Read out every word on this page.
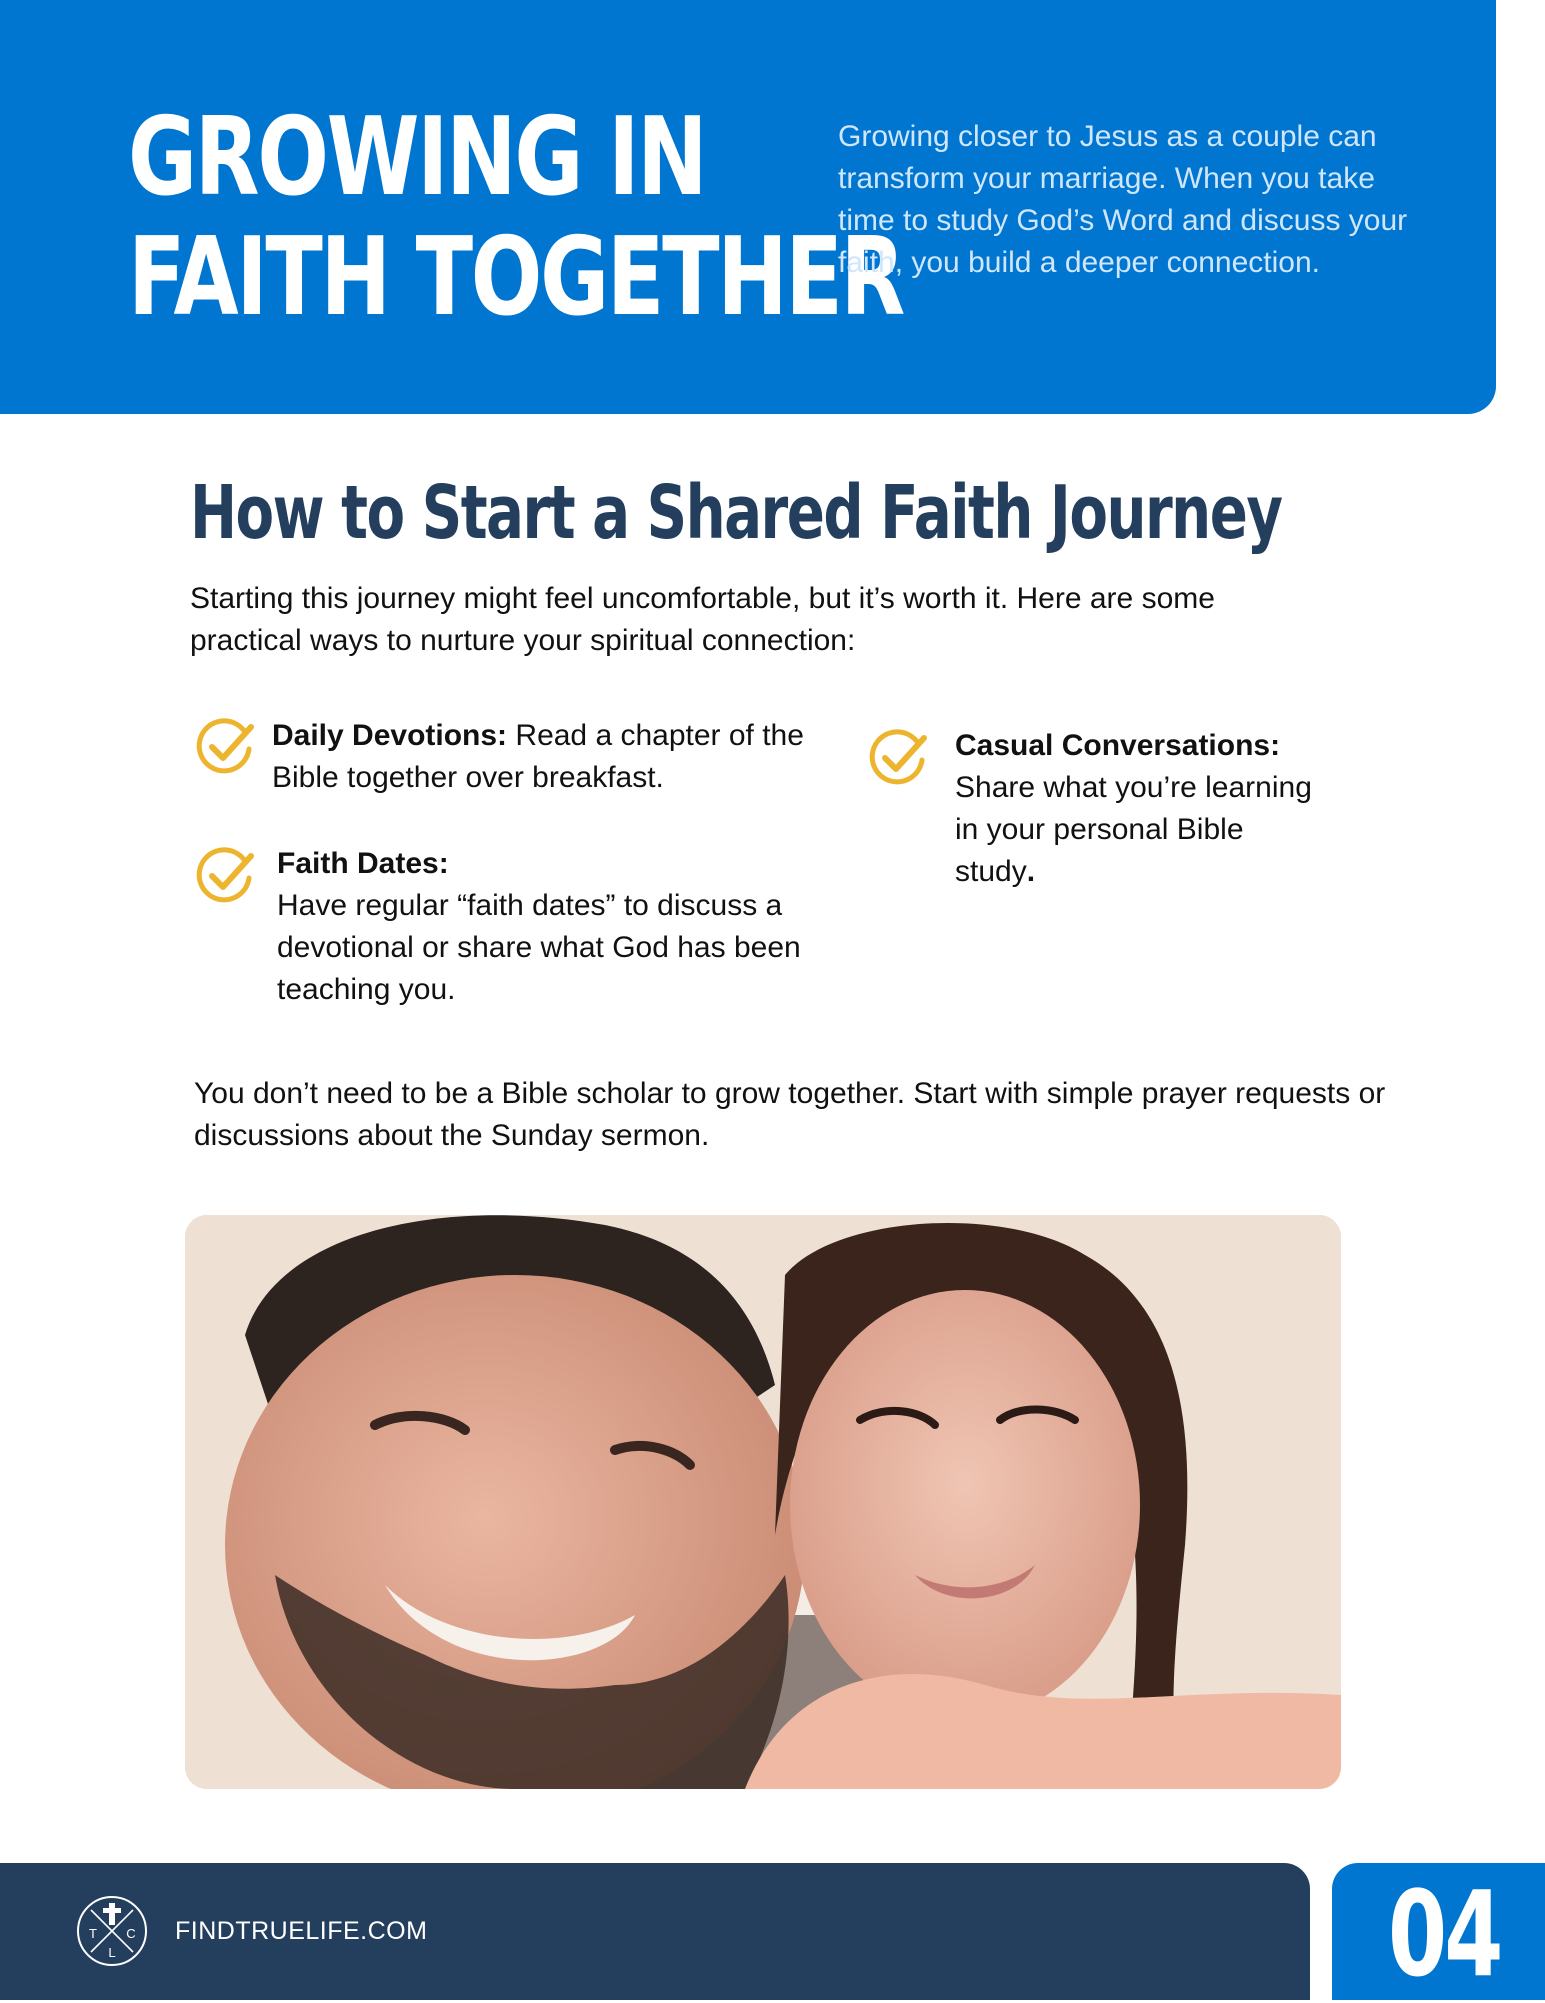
GROWING IN
FAITH TOGETHER

Growing closer to Jesus as a couple can transform your marriage. When you take time to study God’s Word and discuss your faith, you build a deeper connection.

How to Start a Shared Faith Journey

Starting this journey might feel uncomfortable, but it’s worth it. Here are some practical ways to nurture your spiritual connection:

Daily Devotions: Read a chapter of the Bible together over breakfast.

Faith Dates:
Have regular “faith dates” to discuss a devotional or share what God has been teaching you.

Casual Conversations:
Share what you’re learning in your personal Bible study.

You don’t need to be a Bible scholar to grow together. Start with simple prayer requests or discussions about the Sunday sermon.

T C
L

FINDTRUELIFE.COM	04
